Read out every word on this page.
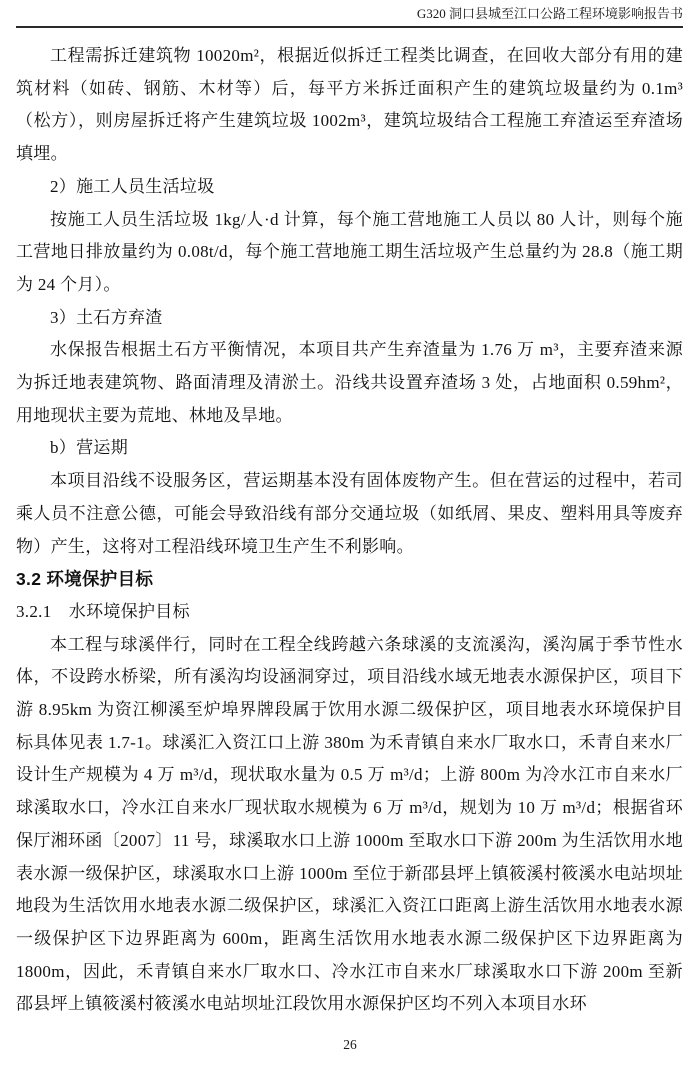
G320 洞口县城至江口公路工程环境影响报告书

工程需拆迁建筑物 10020m²，根据近似拆迁工程类比调查，在回收大部分有用的建筑材料（如砖、钢筋、木材等）后，每平方米拆迁面积产生的建筑垃圾量约为 0.1m³（松方），则房屋拆迁将产生建筑垃圾 1002m³，建筑垃圾结合工程施工弃渣运至弃渣场填埋。

2）施工人员生活垃圾

按施工人员生活垃圾 1kg/人·d 计算，每个施工营地施工人员以 80 人计，则每个施工营地日排放量约为 0.08t/d，每个施工营地施工期生活垃圾产生总量约为 28.8（施工期为 24 个月）。

3）土石方弃渣

水保报告根据土石方平衡情况，本项目共产生弃渣量为 1.76 万 m³，主要弃渣来源为拆迁地表建筑物、路面清理及清淤土。沿线共设置弃渣场 3 处，占地面积 0.59hm²，用地现状主要为荒地、林地及旱地。

b）营运期

本项目沿线不设服务区，营运期基本没有固体废物产生。但在营运的过程中，若司乘人员不注意公德，可能会导致沿线有部分交通垃圾（如纸屑、果皮、塑料用具等废弃物）产生，这将对工程沿线环境卫生产生不利影响。

3.2 环境保护目标
3.2.1　水环境保护目标

本工程与球溪伴行，同时在工程全线跨越六条球溪的支流溪沟，溪沟属于季节性水体，不设跨水桥梁，所有溪沟均设涵洞穿过，项目沿线水域无地表水源保护区，项目下游 8.95km 为资江柳溪至炉埠界牌段属于饮用水源二级保护区，项目地表水环境保护目标具体见表 1.7-1。球溪汇入资江口上游 380m 为禾青镇自来水厂取水口，禾青自来水厂设计生产规模为 4 万 m³/d，现状取水量为 0.5 万 m³/d；上游 800m 为冷水江市自来水厂球溪取水口，冷水江自来水厂现状取水规模为 6 万 m³/d，规划为 10 万 m³/d；根据省环保厅湘环函〔2007〕11 号，球溪取水口上游 1000m 至取水口下游 200m 为生活饮用水地表水源一级保护区，球溪取水口上游 1000m 至位于新邵县坪上镇筱溪村筱溪水电站坝址地段为生活饮用水地表水源二级保护区，球溪汇入资江口距离上游生活饮用水地表水源一级保护区下边界距离为 600m，距离生活饮用水地表水源二级保护区下边界距离为 1800m，因此，禾青镇自来水厂取水口、冷水江市自来水厂球溪取水口下游 200m 至新邵县坪上镇筱溪村筱溪水电站坝址江段饮用水源保护区均不列入本项目水环

26
